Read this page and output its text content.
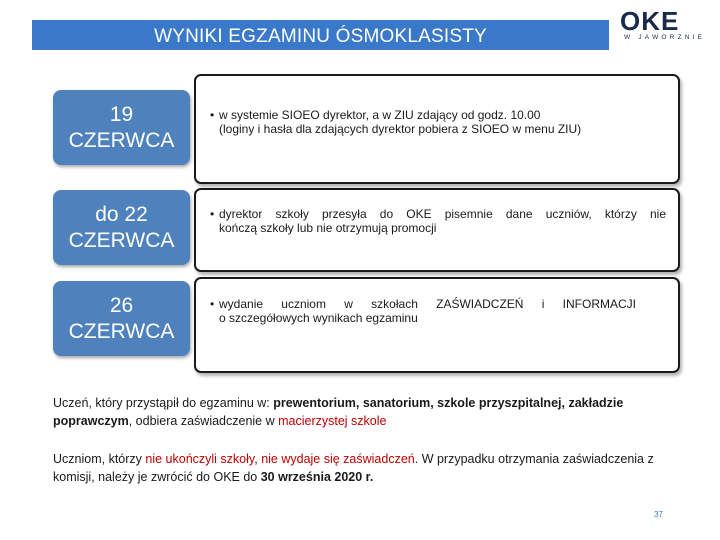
WYNIKI EGZAMINU ÓSMOKLASISTY
OKE
W JAWORZNIE
19
CZERWCA
• w systemie SIOEO dyrektor, a w ZIU zdający od godz. 10.00
(loginy i hasła dla zdających dyrektor pobiera z SIOEO w menu ZIU)
do 22
CZERWCA
• dyrektor szkoły przesyła do OKE pisemnie dane uczniów, którzy nie
kończą szkoły lub nie otrzymują promocji
26
CZERWCA
• wydanie uczniom w szkołach ZAŚWIADCZEŃ i INFORMACJI
o szczegółowych wynikach egzaminu
Uczeń, który przystąpił do egzaminu w: prewentorium, sanatorium, szkole przyszpitalnej, zakładzie poprawczym, odbiera zaświadczenie w macierzystej szkole
Uczniom, którzy nie ukończyli szkoły, nie wydaje się zaświadczeń. W przypadku otrzymania zaświadczenia z komisji, należy je zwrócić do OKE do 30 września 2020 r.
37
